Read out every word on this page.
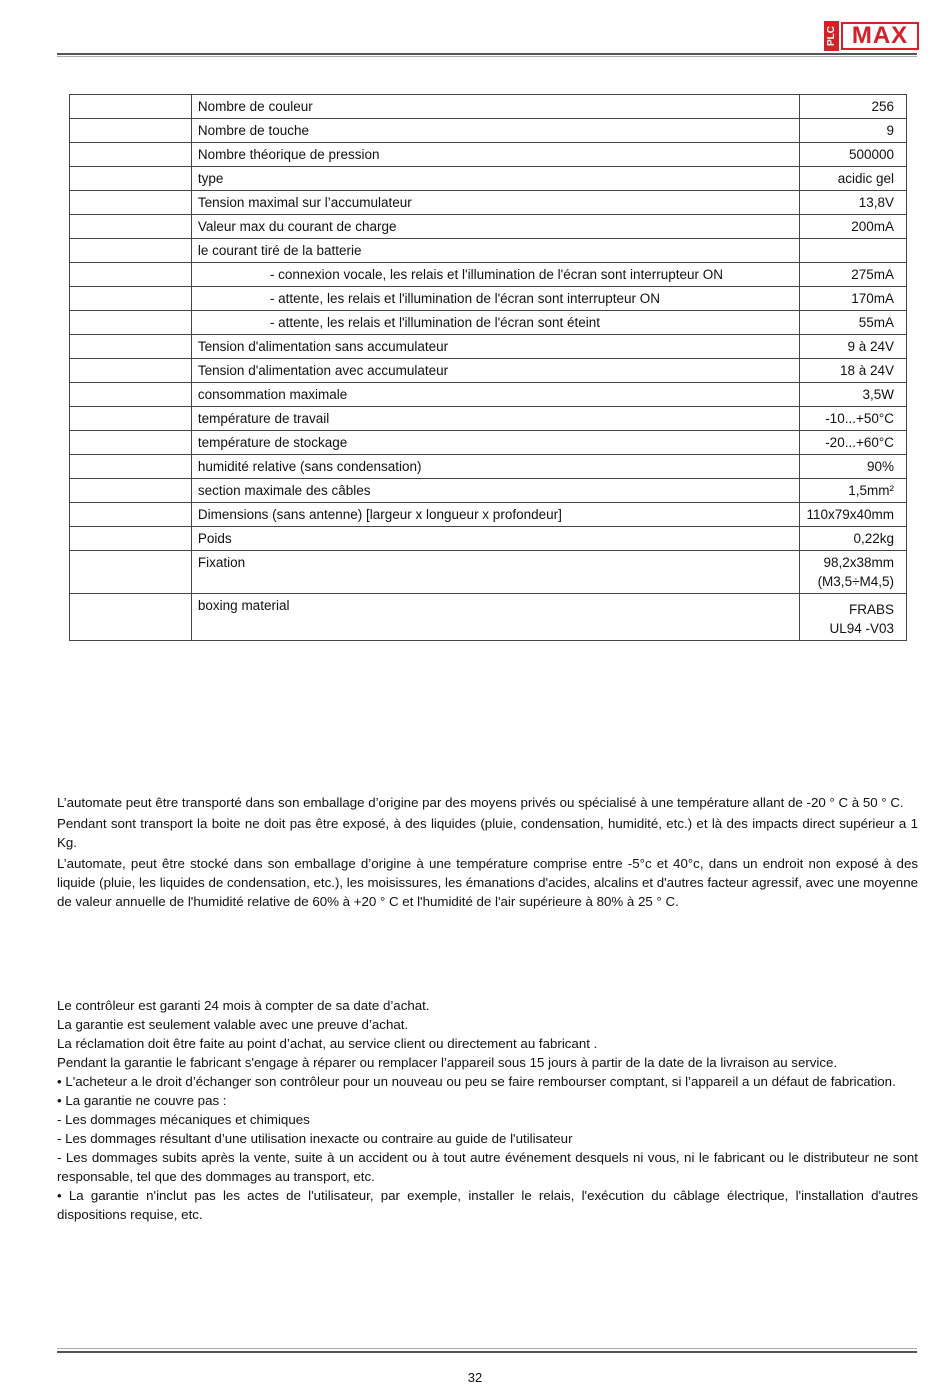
PLC MAX
	Nombre de couleur	256
	Nombre de touche	9
	Nombre théorique de pression	500000
	type	acidic gel
	Tension maximal sur l’accumulateur	13,8V
	Valeur max du courant de charge	200mA
	le courant tiré de la batterie	
	- connexion vocale, les relais et l'illumination de l'écran sont interrupteur ON	275mA
	- attente, les relais et l'illumination de l'écran sont interrupteur ON	170mA
	- attente, les relais et l'illumination de l'écran sont éteint	55mA
	Tension d'alimentation sans accumulateur	9 à 24V
	Tension d'alimentation avec accumulateur	18 à 24V
	consommation maximale	3,5W
	température de travail	-10...+50°C
	température de stockage	-20...+60°C
	humidité relative (sans condensation)	90%
	section maximale des câbles	1,5mm²
	Dimensions (sans antenne) [largeur x longueur x profondeur]	110x79x40mm
	Poids	0,22kg
	Fixation	98,2x38mm
(M3,5÷M4,5)

	boxing material	FRABS
UL94 -V03

L’automate peut être transporté dans son emballage d’origine par des moyens privés ou spécialisé à une température allant de -20 ° C à 50 ° C.

Pendant sont transport la boite ne doit pas être exposé, à des liquides (pluie, condensation, humidité, etc.) et là des impacts direct supérieur a 1 Kg.

L’automate, peut être stocké dans son emballage d’origine à une température comprise entre -5°c et 40°c, dans un endroit non exposé à des liquide (pluie, les liquides de condensation, etc.), les moisissures, les émanations d'acides, alcalins et d'autres facteur agressif, avec une moyenne de valeur annuelle de l'humidité relative de 60% à +20 ° C et l'humidité de l'air supérieure à 80% à 25 ° C.

Le contrôleur est garanti 24 mois à compter de sa date d’achat.
La garantie est seulement valable avec une preuve d’achat.
La réclamation doit être faite au point d’achat, au service client ou directement au fabricant .
Pendant la garantie le fabricant s'engage à réparer ou remplacer l’appareil sous 15 jours à partir de la date de la livraison au service.
• L'acheteur a le droit d’échanger son contrôleur pour un nouveau ou peu se faire rembourser comptant, si l’appareil a un défaut de fabrication.
• La garantie ne couvre pas :
- Les dommages mécaniques et chimiques
- Les dommages résultant d’une utilisation inexacte ou contraire au guide de l'utilisateur
- Les dommages subits après la vente, suite à un accident ou à tout autre événement desquels ni vous, ni le fabricant ou le distributeur ne sont responsable, tel que des dommages au transport, etc.
• La garantie n'inclut pas les actes de l'utilisateur, par exemple, installer le relais, l'exécution du câblage électrique, l'installation d'autres dispositions requise, etc.
32
